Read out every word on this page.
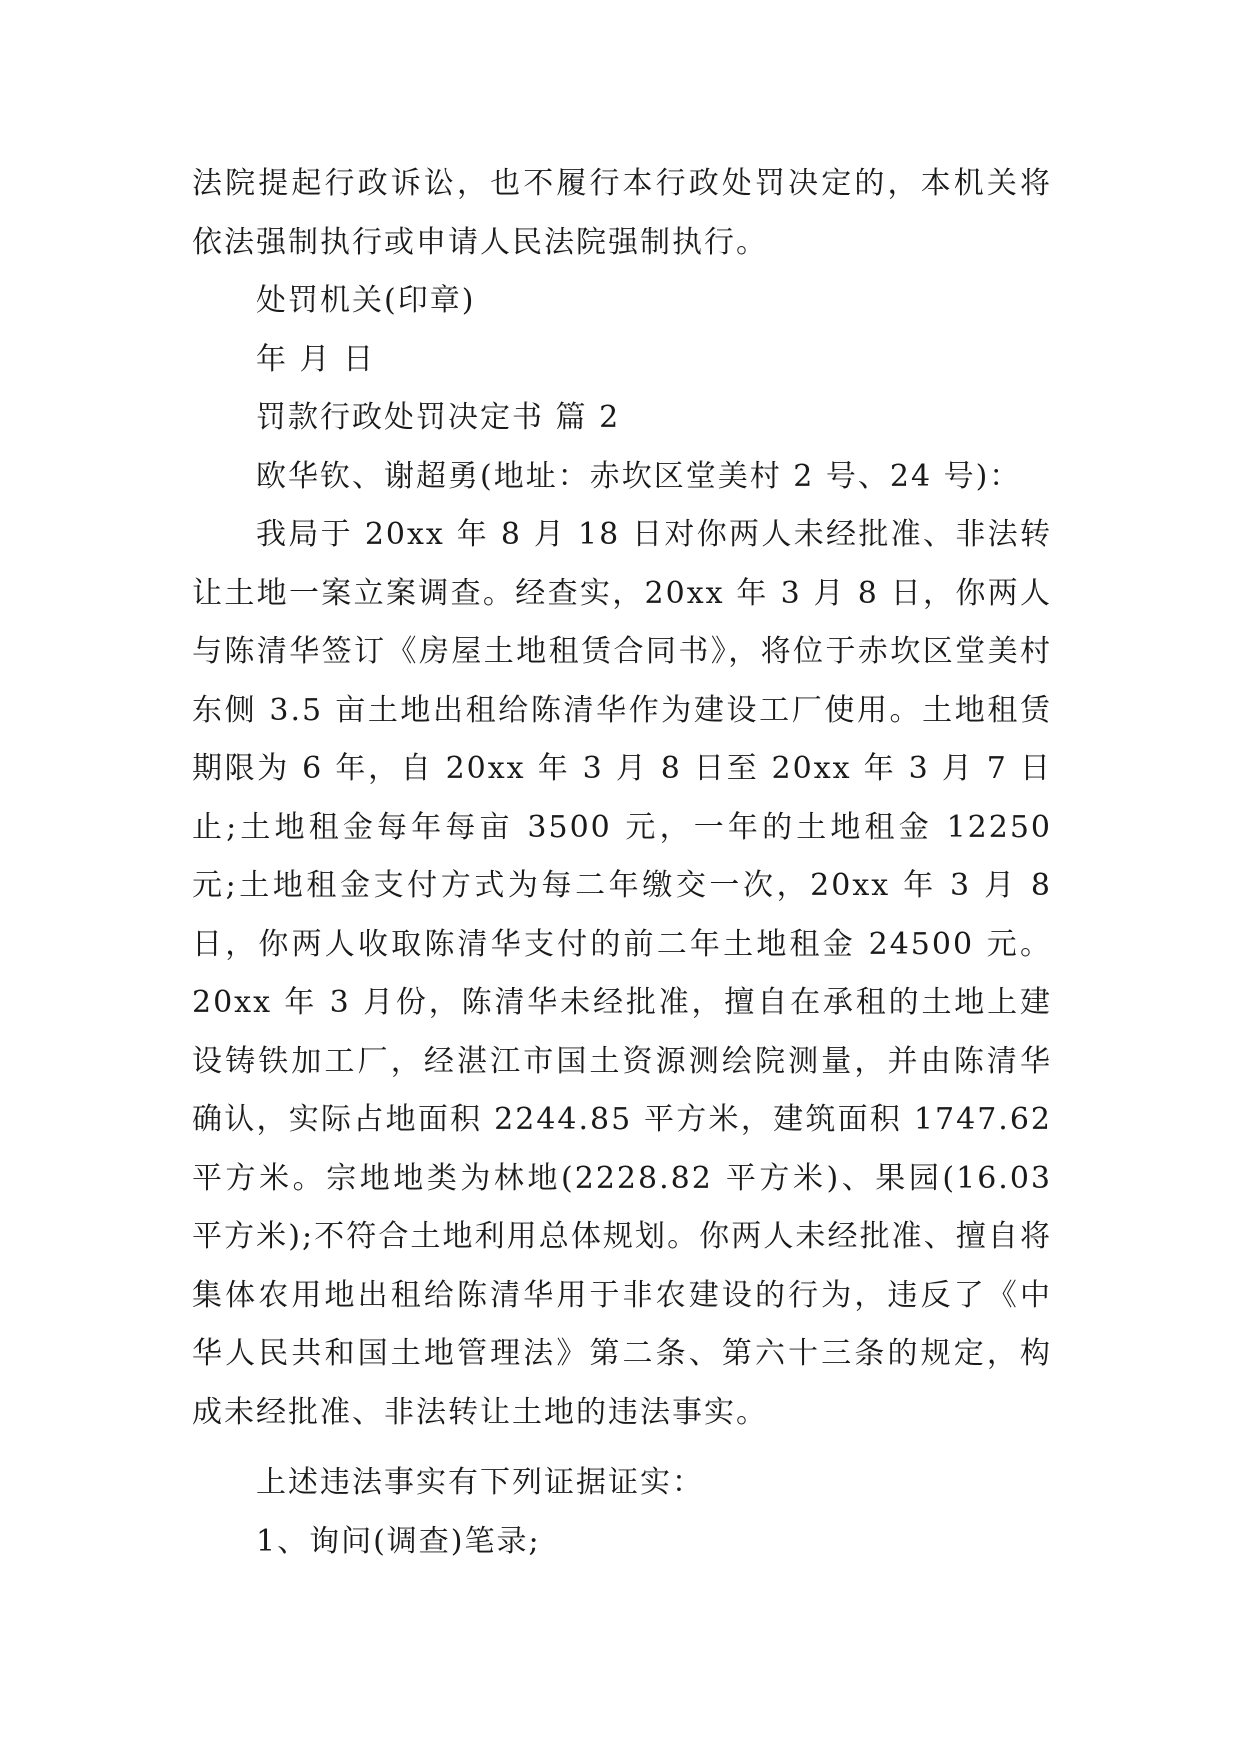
法院提起行政诉讼，也不履行本行政处罚决定的，本机关将依法强制执行或申请人民法院强制执行。

处罚机关(印章)

年 月 日

罚款行政处罚决定书 篇 2

欧华钦、谢超勇(地址：赤坎区堂美村 2 号、24 号)：

我局于 20xx 年 8 月 18 日对你两人未经批准、非法转让土地一案立案调查。经查实，20xx 年 3 月 8 日，你两人与陈清华签订《房屋土地租赁合同书》，将位于赤坎区堂美村东侧 3.5 亩土地出租给陈清华作为建设工厂使用。土地租赁期限为 6 年，自 20xx 年 3 月 8 日至 20xx 年 3 月 7 日止;土地租金每年每亩 3500 元，一年的土地租金 12250 元;土地租金支付方式为每二年缴交一次，20xx 年 3 月 8 日，你两人收取陈清华支付的前二年土地租金 24500 元。20xx 年 3 月份，陈清华未经批准，擅自在承租的土地上建设铸铁加工厂，经湛江市国土资源测绘院测量，并由陈清华确认，实际占地面积 2244.85 平方米，建筑面积 1747.62 平方米。宗地地类为林地(2228.82 平方米)、果园(16.03 平方米);不符合土地利用总体规划。你两人未经批准、擅自将集体农用地出租给陈清华用于非农建设的行为，违反了《中华人民共和国土地管理法》第二条、第六十三条的规定，构成未经批准、非法转让土地的违法事实。

上述违法事实有下列证据证实：

1、询问(调查)笔录;
